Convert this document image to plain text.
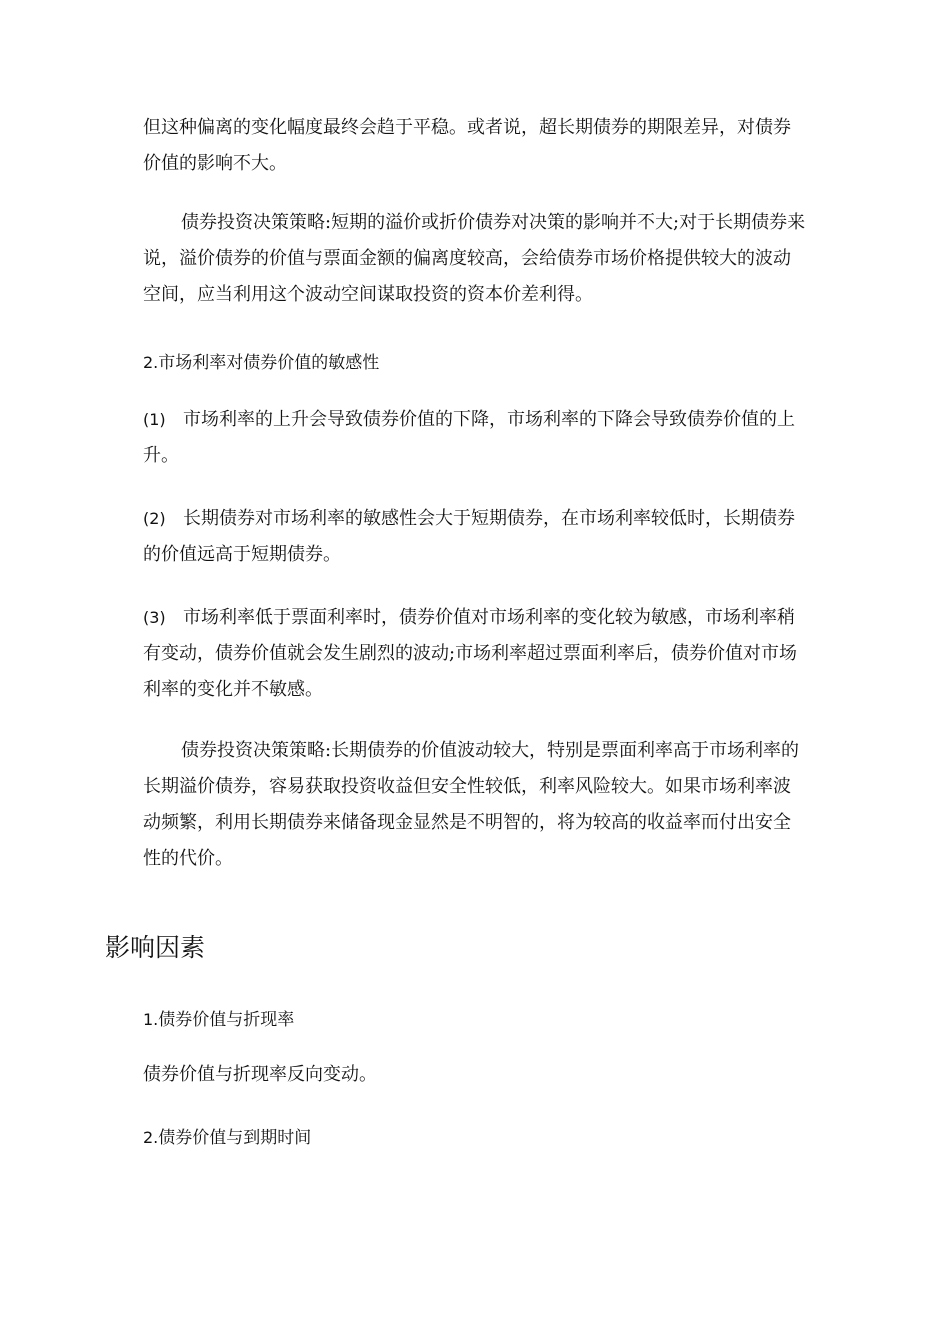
但这种偏离的变化幅度最终会趋于平稳。或者说，超长期债券的期限差异，对债券价值的影响不大。

债券投资决策策略:短期的溢价或折价债券对决策的影响并不大;对于长期债券来说，溢价债券的价值与票面金额的偏离度较高，会给债券市场价格提供较大的波动空间，应当利用这个波动空间谋取投资的资本价差利得。

2.市场利率对债券价值的敏感性

(1) 市场利率的上升会导致债券价值的下降，市场利率的下降会导致债券价值的上升。

(2) 长期债券对市场利率的敏感性会大于短期债券，在市场利率较低时，长期债券的价值远高于短期债券。

(3) 市场利率低于票面利率时，债券价值对市场利率的变化较为敏感，市场利率稍有变动，债券价值就会发生剧烈的波动;市场利率超过票面利率后，债券价值对市场利率的变化并不敏感。

债券投资决策策略:长期债券的价值波动较大，特别是票面利率高于市场利率的长期溢价债券，容易获取投资收益但安全性较低，利率风险较大。如果市场利率波动频繁，利用长期债券来储备现金显然是不明智的，将为较高的收益率而付出安全性的代价。

影响因素

1.债券价值与折现率

债券价值与折现率反向变动。

2.债券价值与到期时间
